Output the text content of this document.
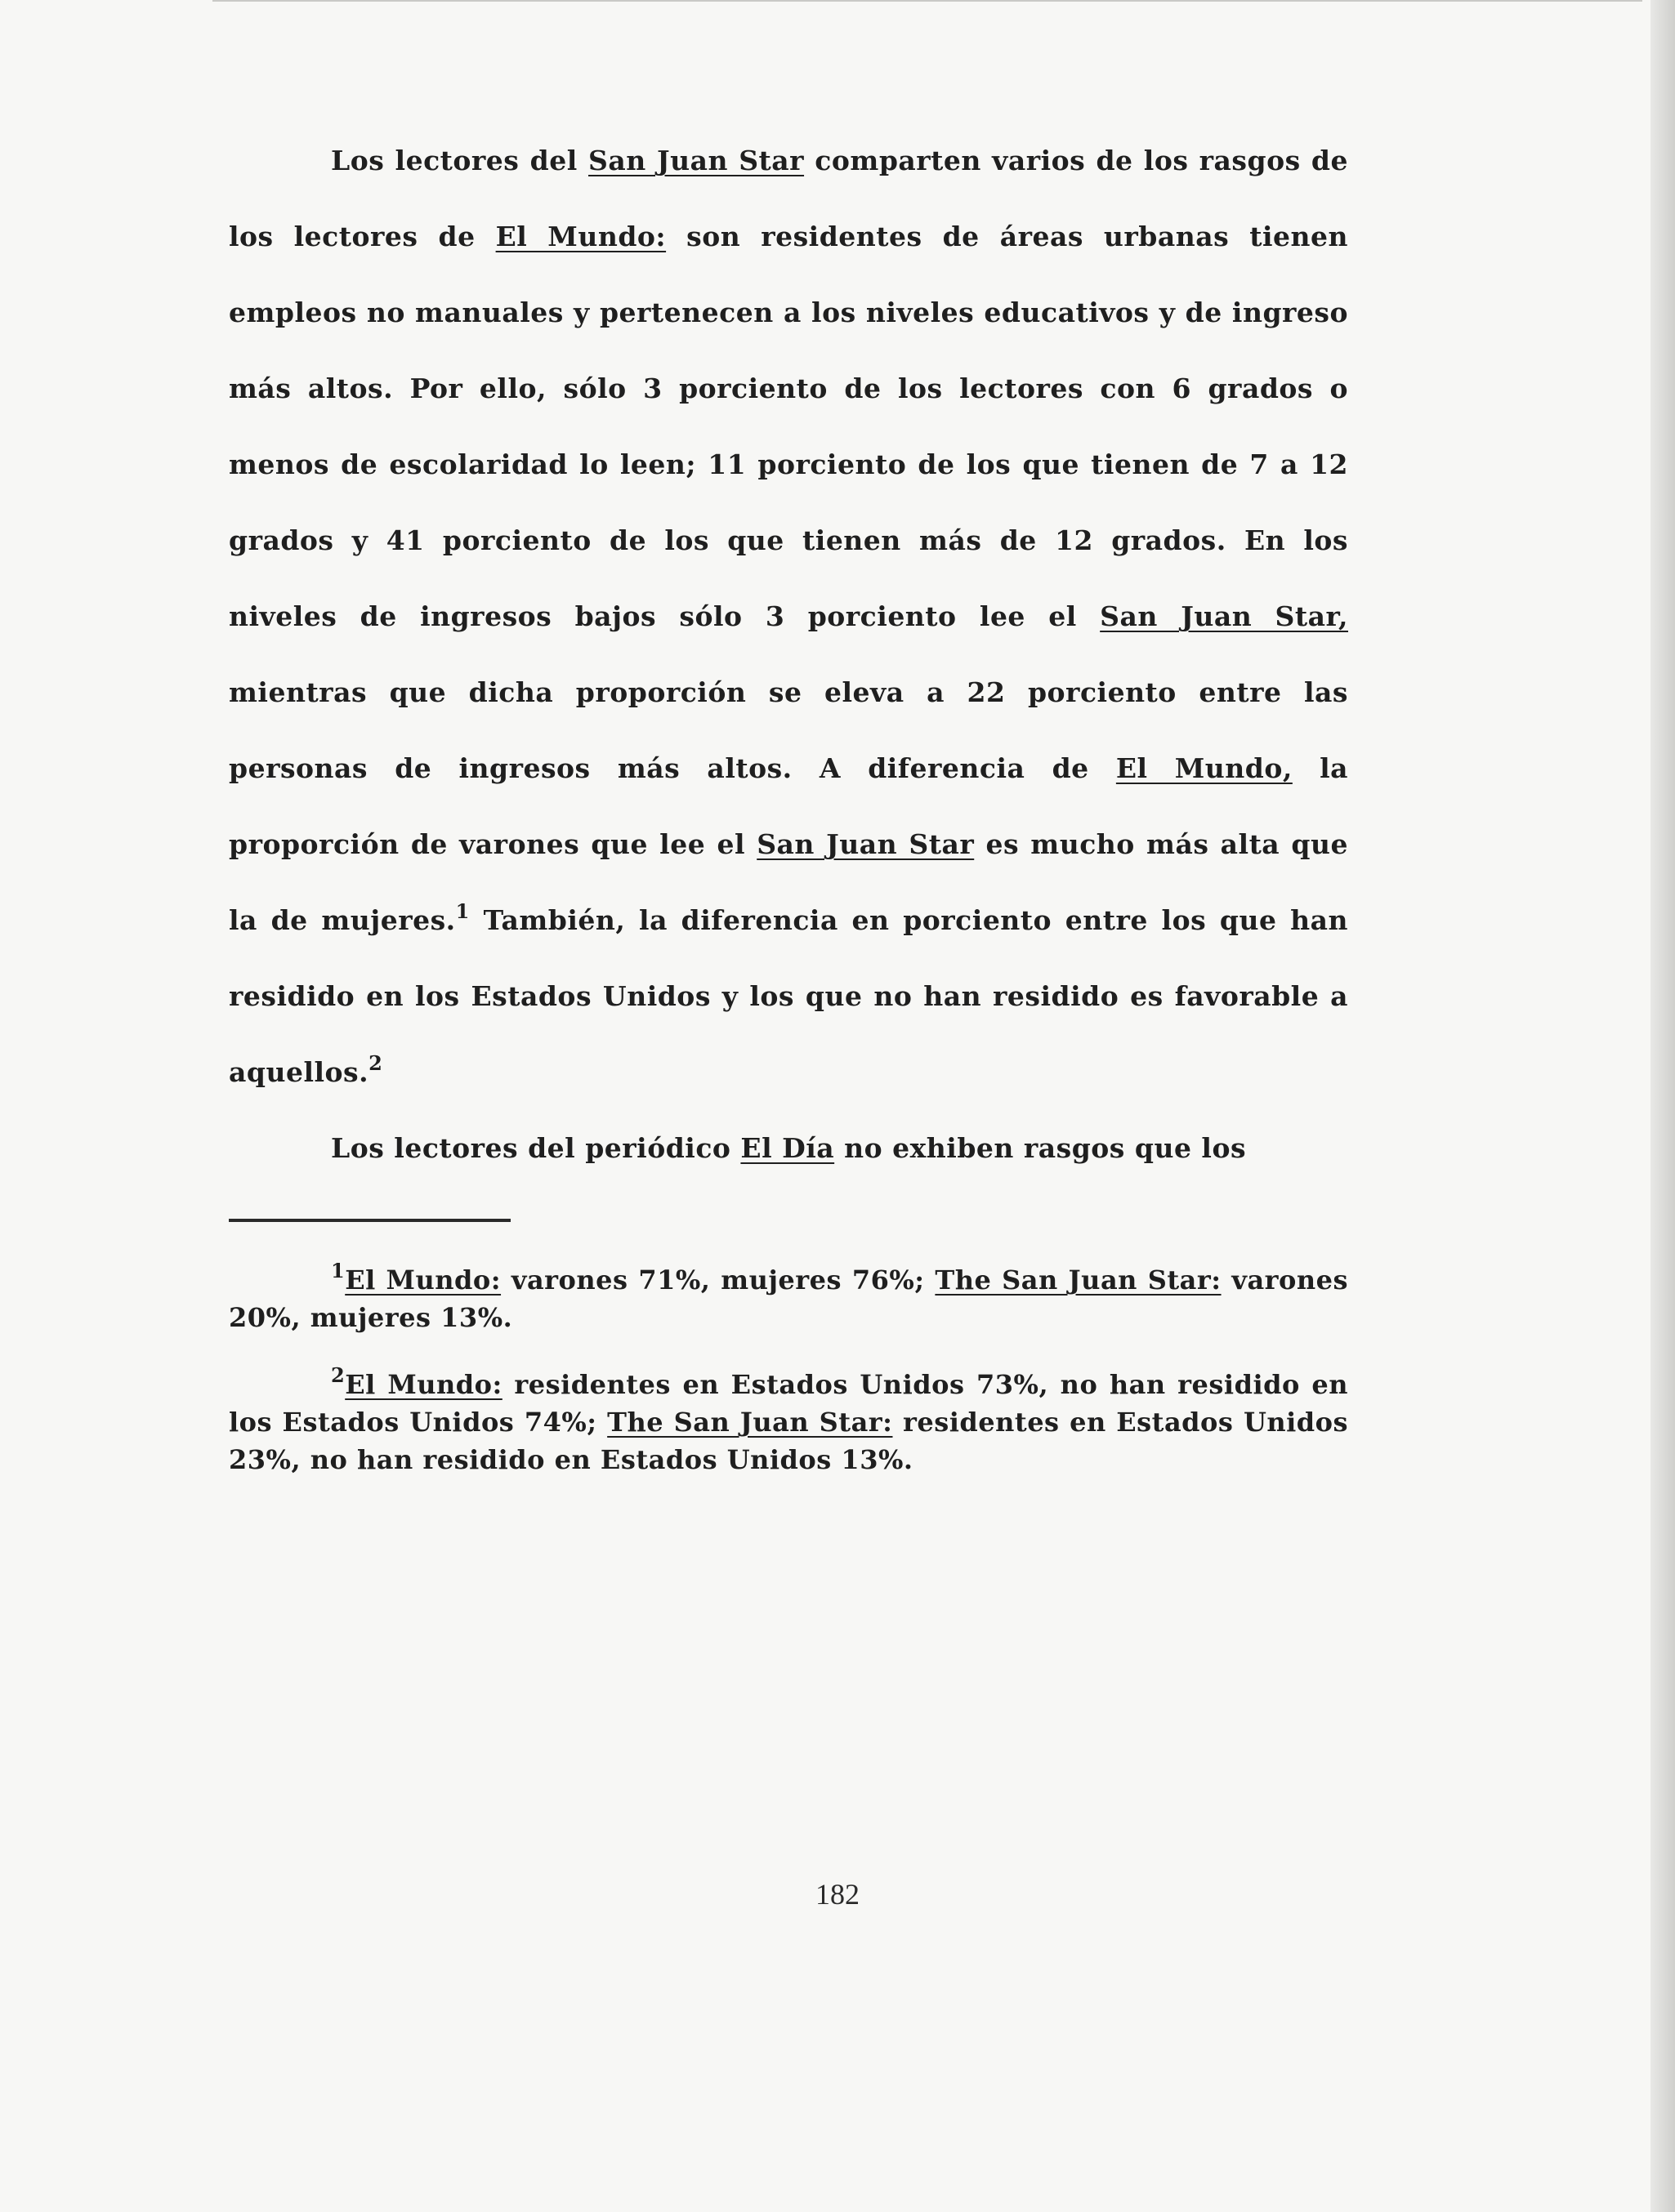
Los lectores del San Juan Star comparten varios de los rasgos de los lectores de El Mundo: son residentes de áreas urbanas tienen empleos no manuales y pertenecen a los niveles educativos y de ingreso más altos. Por ello, sólo 3 porciento de los lectores con 6 grados o menos de escolaridad lo leen; 11 porciento de los que tienen de 7 a 12 grados y 41 porciento de los que tienen más de 12 grados. En los niveles de ingresos bajos sólo 3 porciento lee el San Juan Star, mientras que dicha proporción se eleva a 22 porciento entre las personas de ingresos más altos. A diferencia de El Mundo, la proporción de varones que lee el San Juan Star es mucho más alta que la de mujeres.$^1$ También, la diferencia en porciento entre los que han residido en los Estados Unidos y los que no han residido es favorable a aquellos.$^2$

Los lectores del periódico El Día no exhiben rasgos que los

$^1$El Mundo: varones 71%, mujeres 76%; The San Juan Star: varones 20%, mujeres 13%.

$^2$El Mundo: residentes en Estados Unidos 73%, no han residido en los Estados Unidos 74%; The San Juan Star: residentes en Estados Unidos 23%, no han residido en Estados Unidos 13%.

182
